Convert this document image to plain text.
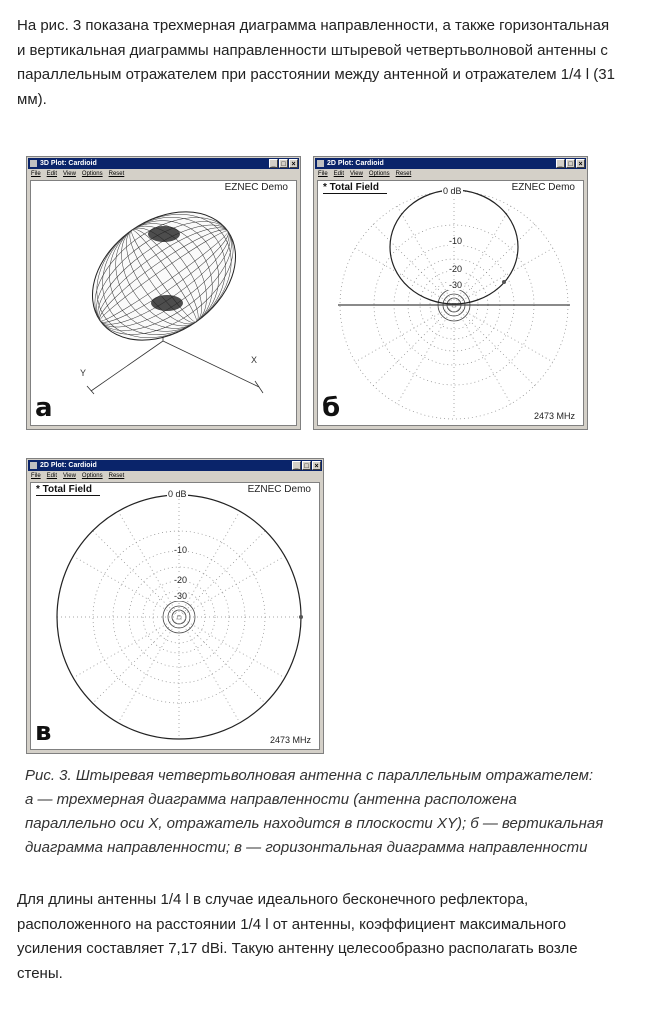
На рис. 3 показана трехмерная диаграмма направленности, а также горизонтальная и вертикальная диаграммы направленности штыревой четвертьволновой антенны с параллельным отражателем при расстоянии между антенной и отражателем 1/4 l (31 мм).

3D Plot: Cardioid	_ □ ×
File Edit View Options Reset
EZNEC Demo
а
2D Plot: Cardioid	_ □ ×
File Edit View Options Reset
* Total Field	EZNEC Demo
0 dB
-10
-20
-30
2473 MHz
б
2D Plot: Cardioid	_ □ ×
File Edit View Options Reset
* Total Field	EZNEC Demo
0 dB
-10
-20
-30
2473 MHz
в
Y
X

Рис. 3. Штыревая четвертьволновая антенна с параллельным отражателем: а — трехмерная диаграмма направленности (антенна расположена параллельно оси X, отражатель находится в плоскости XY); б — вертикальная диаграмма направленности; в — горизонтальная диаграмма направленности

Для длины антенны 1/4 l в случае идеального бесконечного рефлектора, расположенного на расстоянии 1/4 l от антенны, коэффициент максимального усиления составляет 7,17 dBi. Такую антенну целесообразно располагать возле стены.
